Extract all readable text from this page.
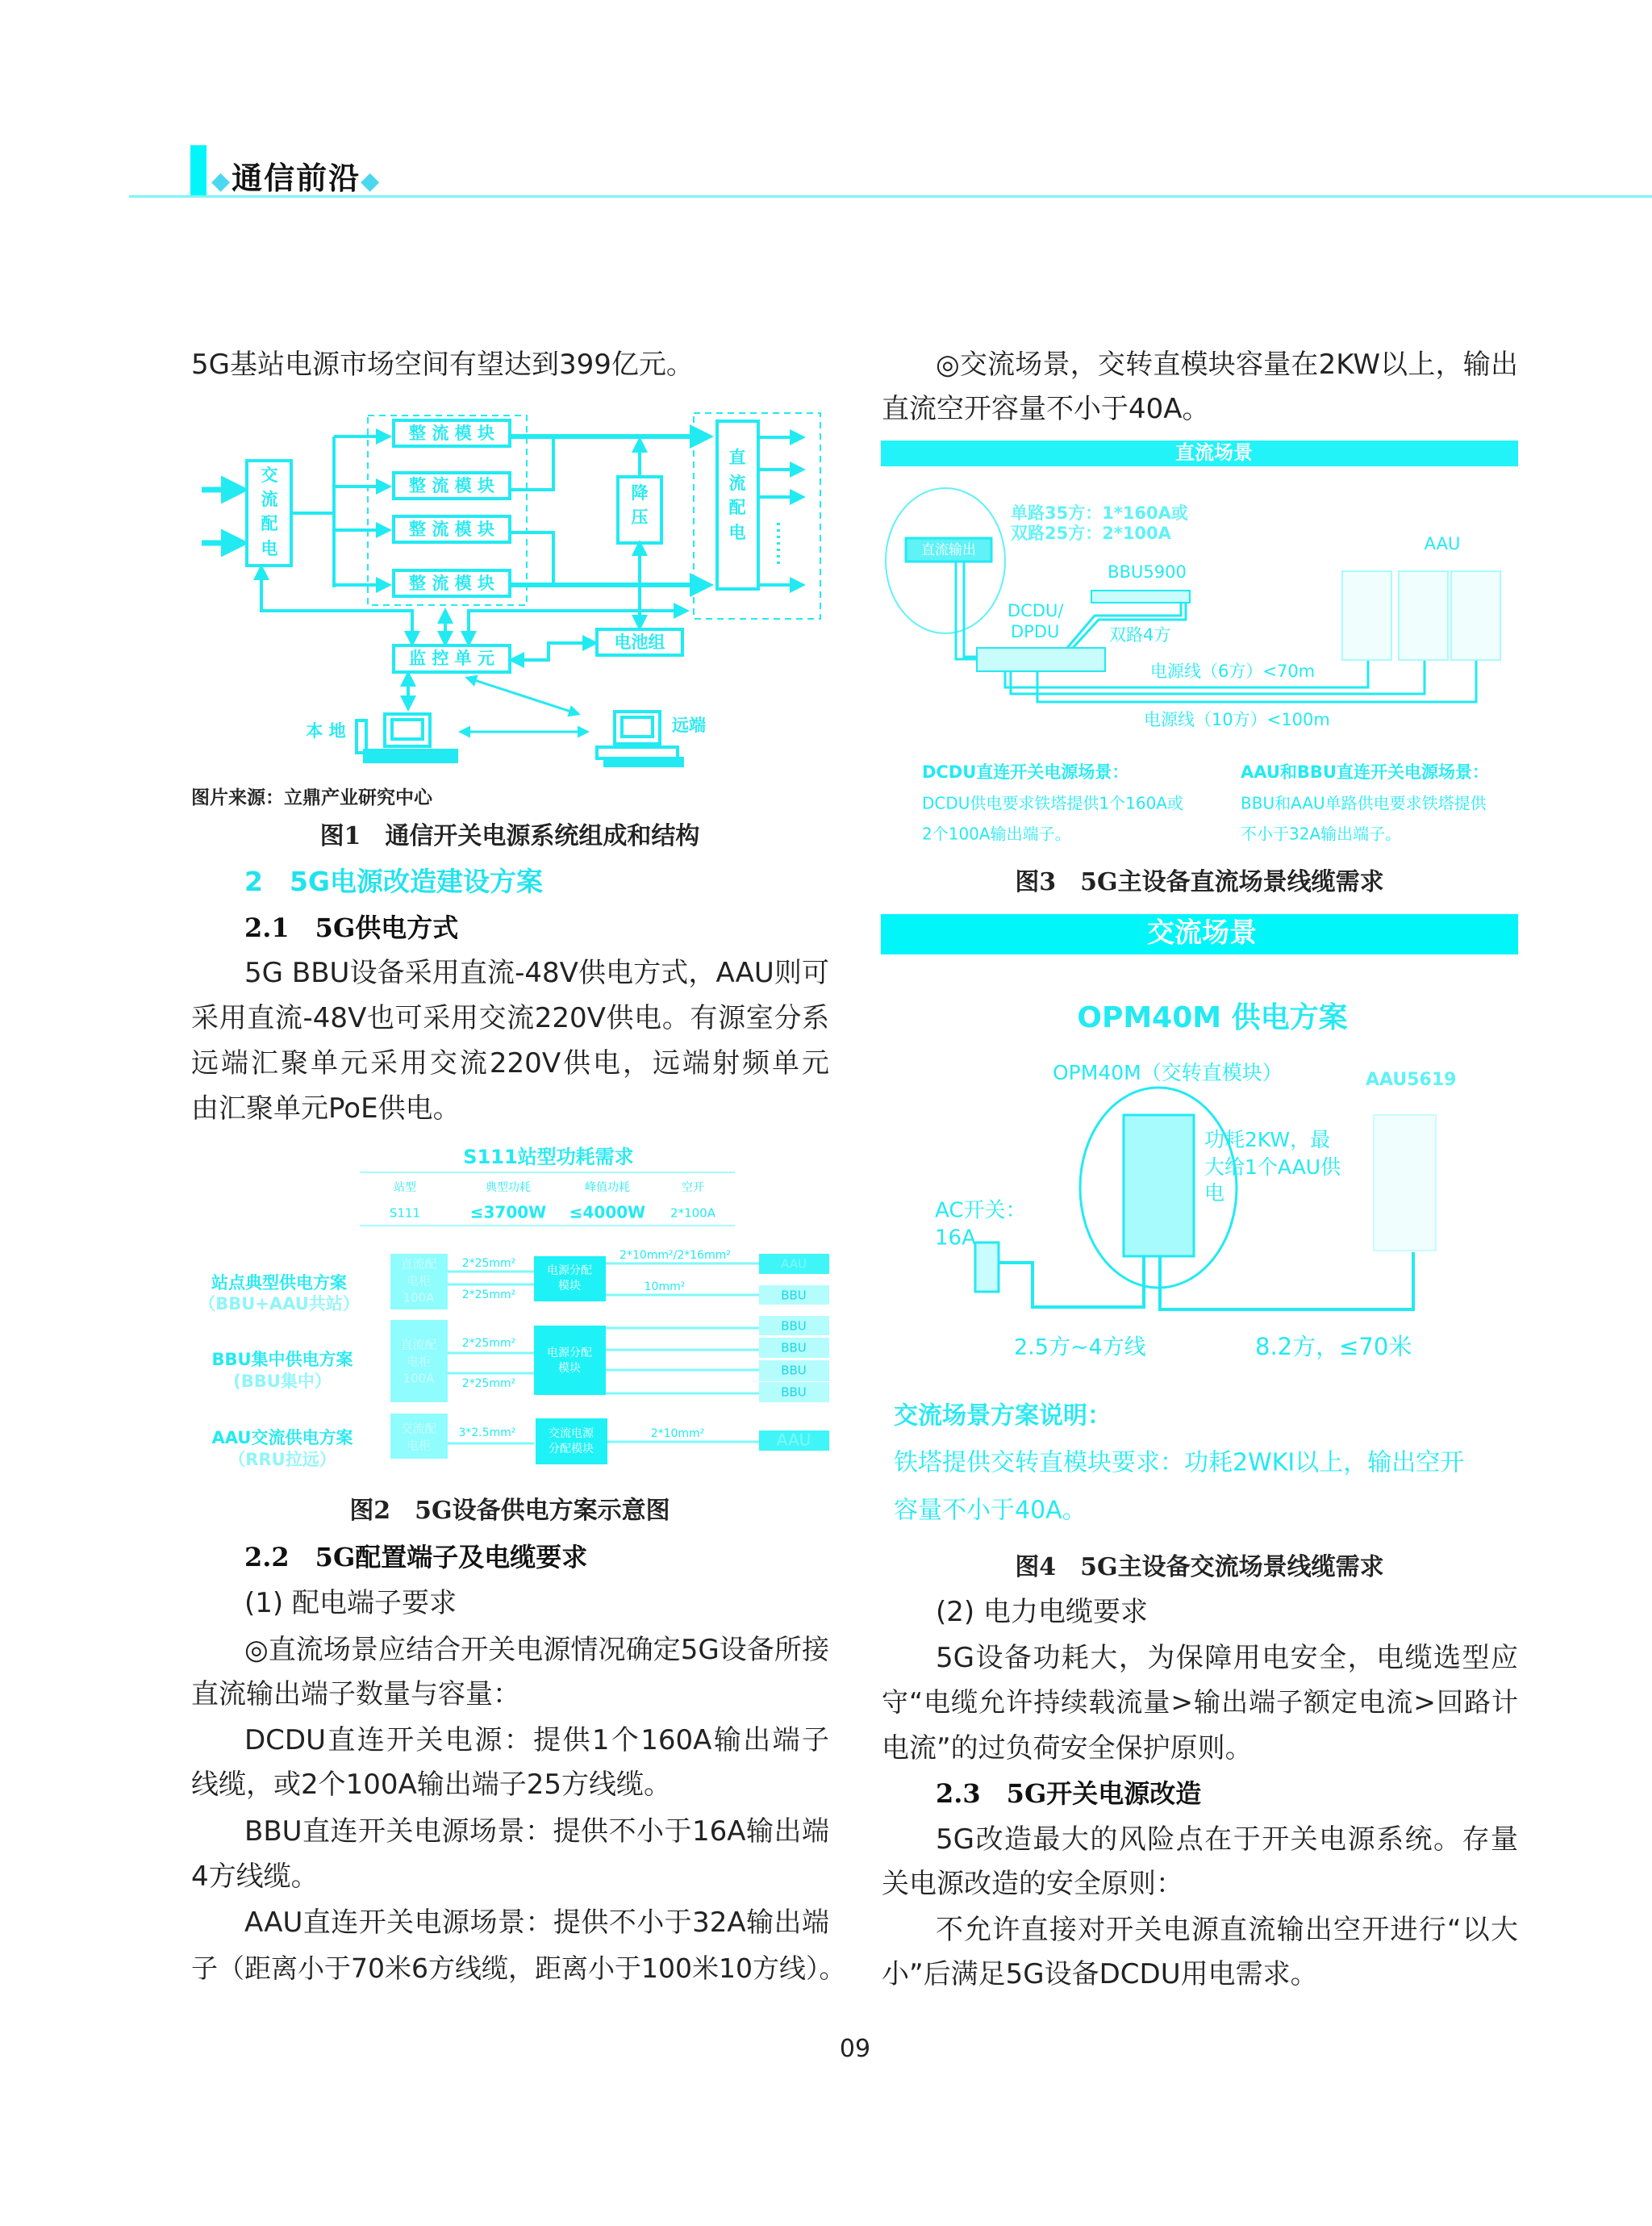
◆通信前沿◆
交
流
配
电
整 流 模 块
整 流 模 块
整 流 模 块
整 流 模 块
降
压
直
流
配
电
电池组
监 控 单 元
本 地	远端
S111站型功耗需求
站型	典型功耗	峰值功耗	空开
S111	≤3700W ≤4000W 2*100A
站点典型供电方案
（BBU+AAU共站）
BBU集中供电方案
(BBU集中）
AAU交流供电方案
（RRU拉远）
直流配
电柜
100A
直流配
电柜
100A
交流配
电柜
电源分配
模块
电源分配
模块
交流电源
分配模块
2*25mm²
2*25mm²
2*25mm²
2*25mm²
3*2.5mm²
2*10mm²/2*16mm²
10mm²
2*10mm²
AAU
BBU
BBU
BBU
BBU
BBU
AAU
直流场景
直流输出
单路35方：1*160A或
双路25方：2*100A
AAU
BBU5900
DCDU/
DPDU	双路4方
电源线（6方）<70m
电源线（10方）<100m
DCDU直连开关电源场景：
DCDU供电要求铁塔提供1个160A或
2个100A输出端子。
AAU和BBU直连开关电源场景：
BBU和AAU单路供电要求铁塔提供
不小于32A输出端子。
交流场景
OPM40M 供电方案
OPM40M（交转直模块）	AAU5619
功耗2KW，最
大给1个AAU供
电
AC开关：
16A
2.5方~4方线	8.2方，≤70米
交流场景方案说明：
铁塔提供交转直模块要求：功耗2WKI以上，输出空开
容量不小于40A。
5G基站电源市场空间有望达到399亿元。
图片来源：立鼎产业研究中心
图1　通信开关电源系统组成和结构
2　5G电源改造建设方案
2.1　5G供电方式
5G BBU设备采用直流-48V供电方式，AAU则可
采用直流-48V也可采用交流220V供电。有源室分系
远端汇聚单元采用交流220V供电，远端射频单元
由汇聚单元PoE供电。
图2　5G设备供电方案示意图
2.2　5G配置端子及电缆要求
(1) 配电端子要求
◎直流场景应结合开关电源情况确定5G设备所接
直流输出端子数量与容量：
DCDU直连开关电源：提供1个160A输出端子
线缆，或2个100A输出端子25方线缆。
BBU直连开关电源场景：提供不小于16A输出端
4方线缆。
AAU直连开关电源场景：提供不小于32A输出端
子（距离小于70米6方线缆，距离小于100米10方线）。
◎交流场景，交转直模块容量在2KW以上，输出
直流空开容量不小于40A。
图3　5G主设备直流场景线缆需求
图4　5G主设备交流场景线缆需求
(2) 电力电缆要求
5G设备功耗大，为保障用电安全，电缆选型应
守“电缆允许持续载流量>输出端子额定电流>回路计
电流”的过负荷安全保护原则。
2.3　5G开关电源改造
5G改造最大的风险点在于开关电源系统。存量
关电源改造的安全原则：
不允许直接对开关电源直流输出空开进行“以大
小”后满足5G设备DCDU用电需求。
09
